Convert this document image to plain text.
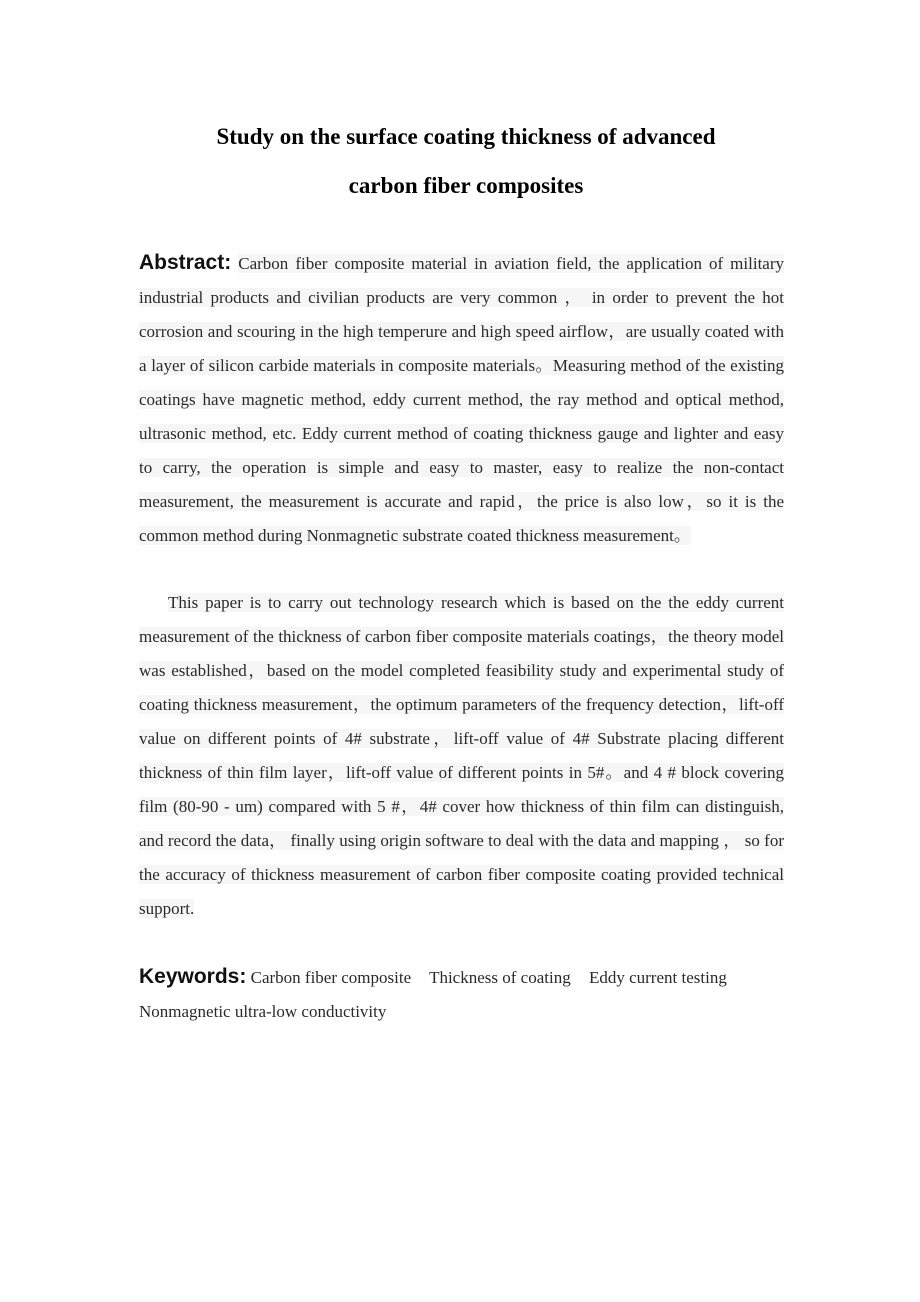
Study on the surface coating thickness of advanced
carbon fiber composites
Abstract: Carbon fiber composite material in aviation field, the application of military industrial products and civilian products are very common ， in order to prevent the hot corrosion and scouring in the high temperure and high speed airflow，are usually coated with a layer of silicon carbide materials in composite materials。Measuring method of the existing coatings have magnetic method, eddy current method, the ray method and optical method, ultrasonic method, etc. Eddy current method of coating thickness gauge and lighter and easy to carry, the operation is simple and easy to master, easy to realize the non-contact measurement, the measurement is accurate and rapid，the price is also low，so it is the common method during Nonmagnetic substrate coated thickness measurement。
This paper is to carry out technology research which is based on the the eddy current measurement of the thickness of carbon fiber composite materials coatings，the theory model was established，based on the model completed feasibility study and experimental study of coating thickness measurement，the optimum parameters of the frequency detection，lift-off value on different points of 4# substrate，lift-off value of 4# Substrate placing different thickness of thin film layer，lift-off value of different points in 5#。and 4 # block covering film (80-90 - um) compared with 5 #，4# cover how thickness of thin film can distinguish, and record the data， finally using origin software to deal with the data and mapping ， so for the accuracy of thickness measurement of carbon fiber composite coating provided technical support.
Keywords: Carbon fiber composite Thickness of coating Eddy current testing Nonmagnetic ultra-low conductivity
